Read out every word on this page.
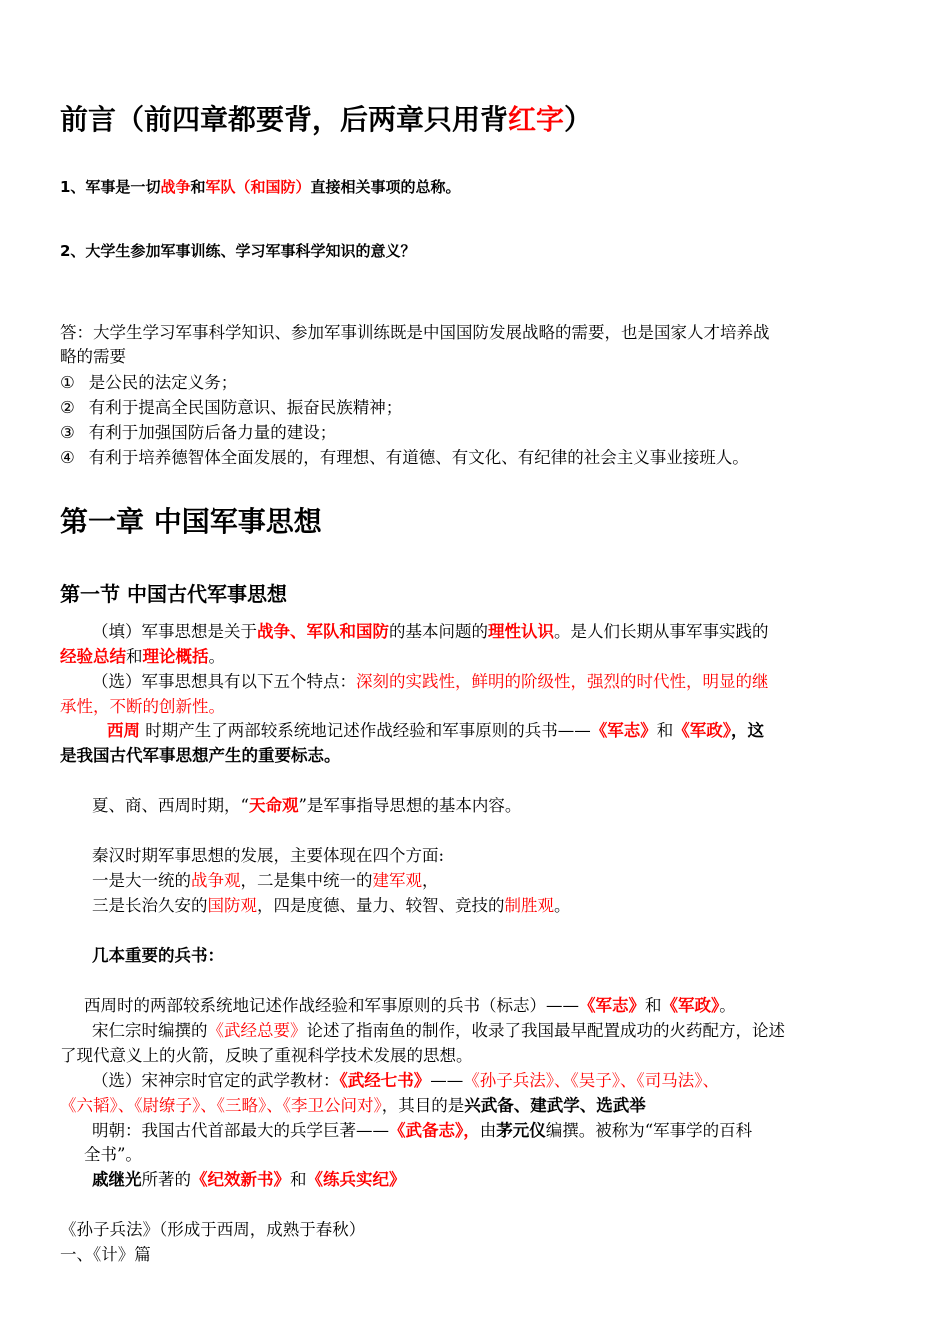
前言（前四章都要背，后两章只用背红字）
1、军事是一切战争和军队（和国防）直接相关事项的总称。
2、大学生参加军事训练、学习军事科学知识的意义？
答：大学生学习军事科学知识、参加军事训练既是中国国防发展战略的需要，也是国家人才培养战
略的需要
① 是公民的法定义务；
② 有利于提高全民国防意识、振奋民族精神；
③ 有利于加强国防后备力量的建设；
④ 有利于培养德智体全面发展的，有理想、有道德、有文化、有纪律的社会主义事业接班人。
第一章 中国军事思想
第一节 中国古代军事思想
（填）军事思想是关于战争、军队和国防的基本问题的理性认识。是人们长期从事军事实践的
经验总结和理论概括。
（选）军事思想具有以下五个特点：深刻的实践性，鲜明的阶级性，强烈的时代性，明显的继
承性，不断的创新性。
西周 时期产生了两部较系统地记述作战经验和军事原则的兵书——《军志》和《军政》，这
是我国古代军事思想产生的重要标志。
夏、商、西周时期，“天命观”是军事指导思想的基本内容。
秦汉时期军事思想的发展，主要体现在四个方面:
一是大一统的战争观，二是集中统一的建军观，
三是长治久安的国防观，四是度德、量力、较智、竞技的制胜观。
几本重要的兵书：
西周时的两部较系统地记述作战经验和军事原则的兵书（标志）——《军志》和《军政》。
宋仁宗时编撰的《武经总要》论述了指南鱼的制作，收录了我国最早配置成功的火药配方，论述
了现代意义上的火箭，反映了重视科学技术发展的思想。
（选）宋神宗时官定的武学教材：《武经七书》——《孙子兵法》、《吴子》、《司马法》、
《六韬》、《尉缭子》、《三略》、《李卫公问对》，其目的是兴武备、建武学、选武举
明朝：我国古代首部最大的兵学巨著——《武备志》，由茅元仪编撰。被称为“军事学的百科
全书”。
戚继光所著的《纪效新书》和《练兵实纪》
《孙子兵法》（形成于西周，成熟于春秋）
一、《计》篇
